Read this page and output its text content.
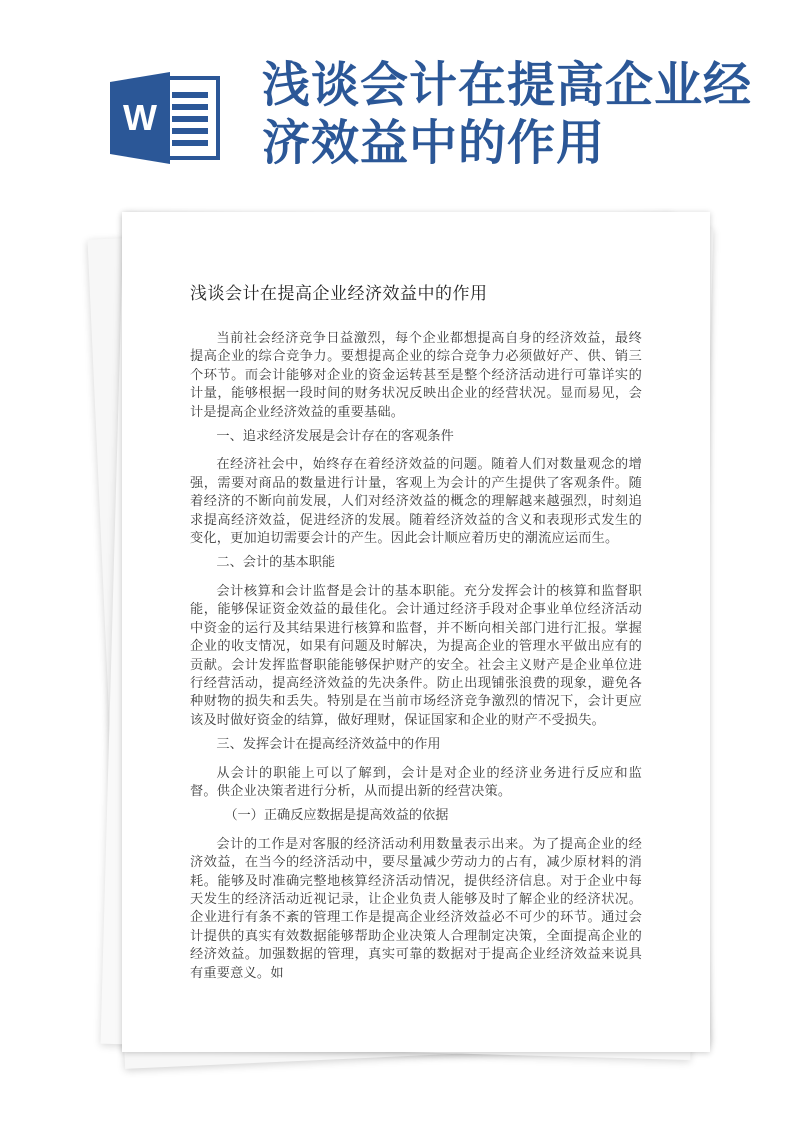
W
浅谈会计在提高企业经济效益中的作用
浅谈会计在提高企业经济效益中的作用

当前社会经济竞争日益激烈，每个企业都想提高自身的经济效益，最终提高企业的综合竞争力。要想提高企业的综合竞争力必须做好产、供、销三个环节。而会计能够对企业的资金运转甚至是整个经济活动进行可靠详实的计量，能够根据一段时间的财务状况反映出企业的经营状况。显而易见，会计是提高企业经济效益的重要基础。

一、追求经济发展是会计存在的客观条件

在经济社会中，始终存在着经济效益的问题。随着人们对数量观念的增强，需要对商品的数量进行计量，客观上为会计的产生提供了客观条件。随着经济的不断向前发展，人们对经济效益的概念的理解越来越强烈，时刻追求提高经济效益，促进经济的发展。随着经济效益的含义和表现形式发生的变化，更加迫切需要会计的产生。因此会计顺应着历史的潮流应运而生。

二、会计的基本职能

会计核算和会计监督是会计的基本职能。充分发挥会计的核算和监督职能，能够保证资金效益的最佳化。会计通过经济手段对企事业单位经济活动中资金的运行及其结果进行核算和监督，并不断向相关部门进行汇报。掌握企业的收支情况，如果有问题及时解决，为提高企业的管理水平做出应有的贡献。会计发挥监督职能能够保护财产的安全。社会主义财产是企业单位进行经营活动，提高经济效益的先决条件。防止出现铺张浪费的现象，避免各种财物的损失和丢失。特别是在当前市场经济竞争激烈的情况下，会计更应该及时做好资金的结算，做好理财，保证国家和企业的财产不受损失。

三、发挥会计在提高经济效益中的作用

从会计的职能上可以了解到，会计是对企业的经济业务进行反应和监督。供企业决策者进行分析，从而提出新的经营决策。

（一）正确反应数据是提高效益的依据

会计的工作是对客服的经济活动利用数量表示出来。为了提高企业的经济效益，在当今的经济活动中，要尽量减少劳动力的占有，减少原材料的消耗。能够及时准确完整地核算经济活动情况，提供经济信息。对于企业中每天发生的经济活动近视记录，让企业负责人能够及时了解企业的经济状况。企业进行有条不紊的管理工作是提高企业经济效益必不可少的环节。通过会计提供的真实有效数据能够帮助企业决策人合理制定决策，全面提高企业的经济效益。加强数据的管理，真实可靠的数据对于提高企业经济效益来说具有重要意义。如
